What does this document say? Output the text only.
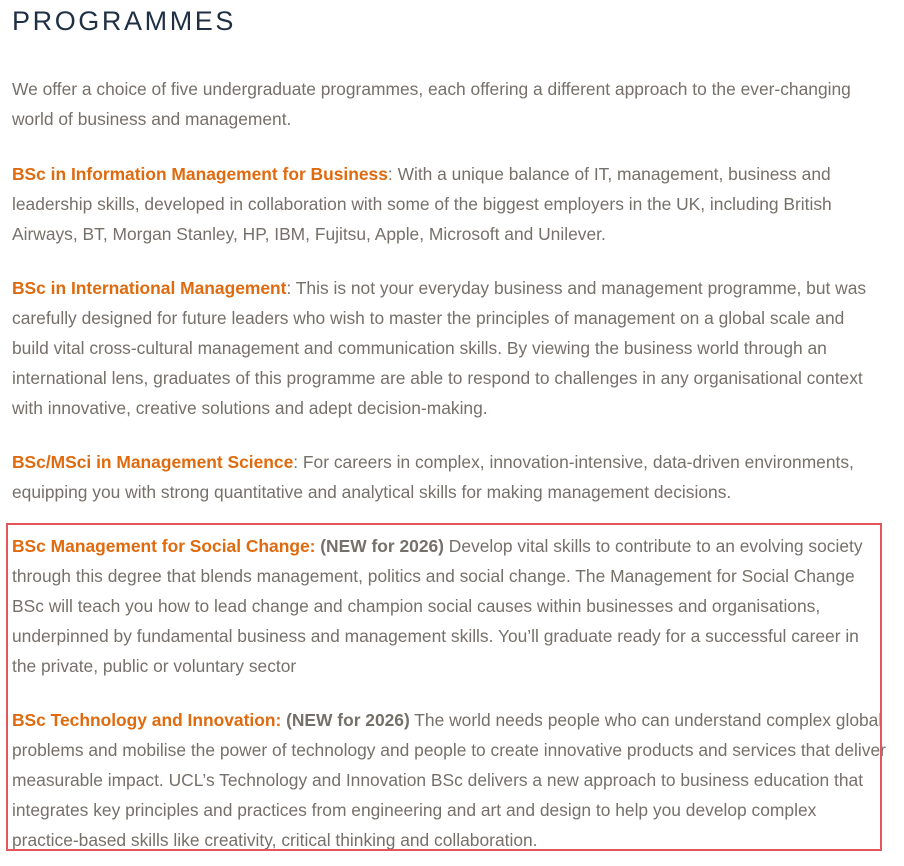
PROGRAMMES

We offer a choice of five undergraduate programmes, each offering a different approach to the ever-changing world of business and management.

BSc in Information Management for Business: With a unique balance of IT, management, business and leadership skills, developed in collaboration with some of the biggest employers in the UK, including British Airways, BT, Morgan Stanley, HP, IBM, Fujitsu, Apple, Microsoft and Unilever.

BSc in International Management: This is not your everyday business and management programme, but was carefully designed for future leaders who wish to master the principles of management on a global scale and build vital cross-cultural management and communication skills. By viewing the business world through an international lens, graduates of this programme are able to respond to challenges in any organisational context with innovative, creative solutions and adept decision-making.

BSc/MSci in Management Science: For careers in complex, innovation-intensive, data-driven environments, equipping you with strong quantitative and analytical skills for making management decisions.

BSc Management for Social Change: (NEW for 2026) Develop vital skills to contribute to an evolving society through this degree that blends management, politics and social change. The Management for Social Change BSc will teach you how to lead change and champion social causes within businesses and organisations, underpinned by fundamental business and management skills. You’ll graduate ready for a successful career in the private, public or voluntary sector

BSc Technology and Innovation: (NEW for 2026) The world needs people who can understand complex global problems and mobilise the power of technology and people to create innovative products and services that deliver measurable impact. UCL’s Technology and Innovation BSc delivers a new approach to business education that integrates key principles and practices from engineering and art and design to help you develop complex practice-based skills like creativity, critical thinking and collaboration.
